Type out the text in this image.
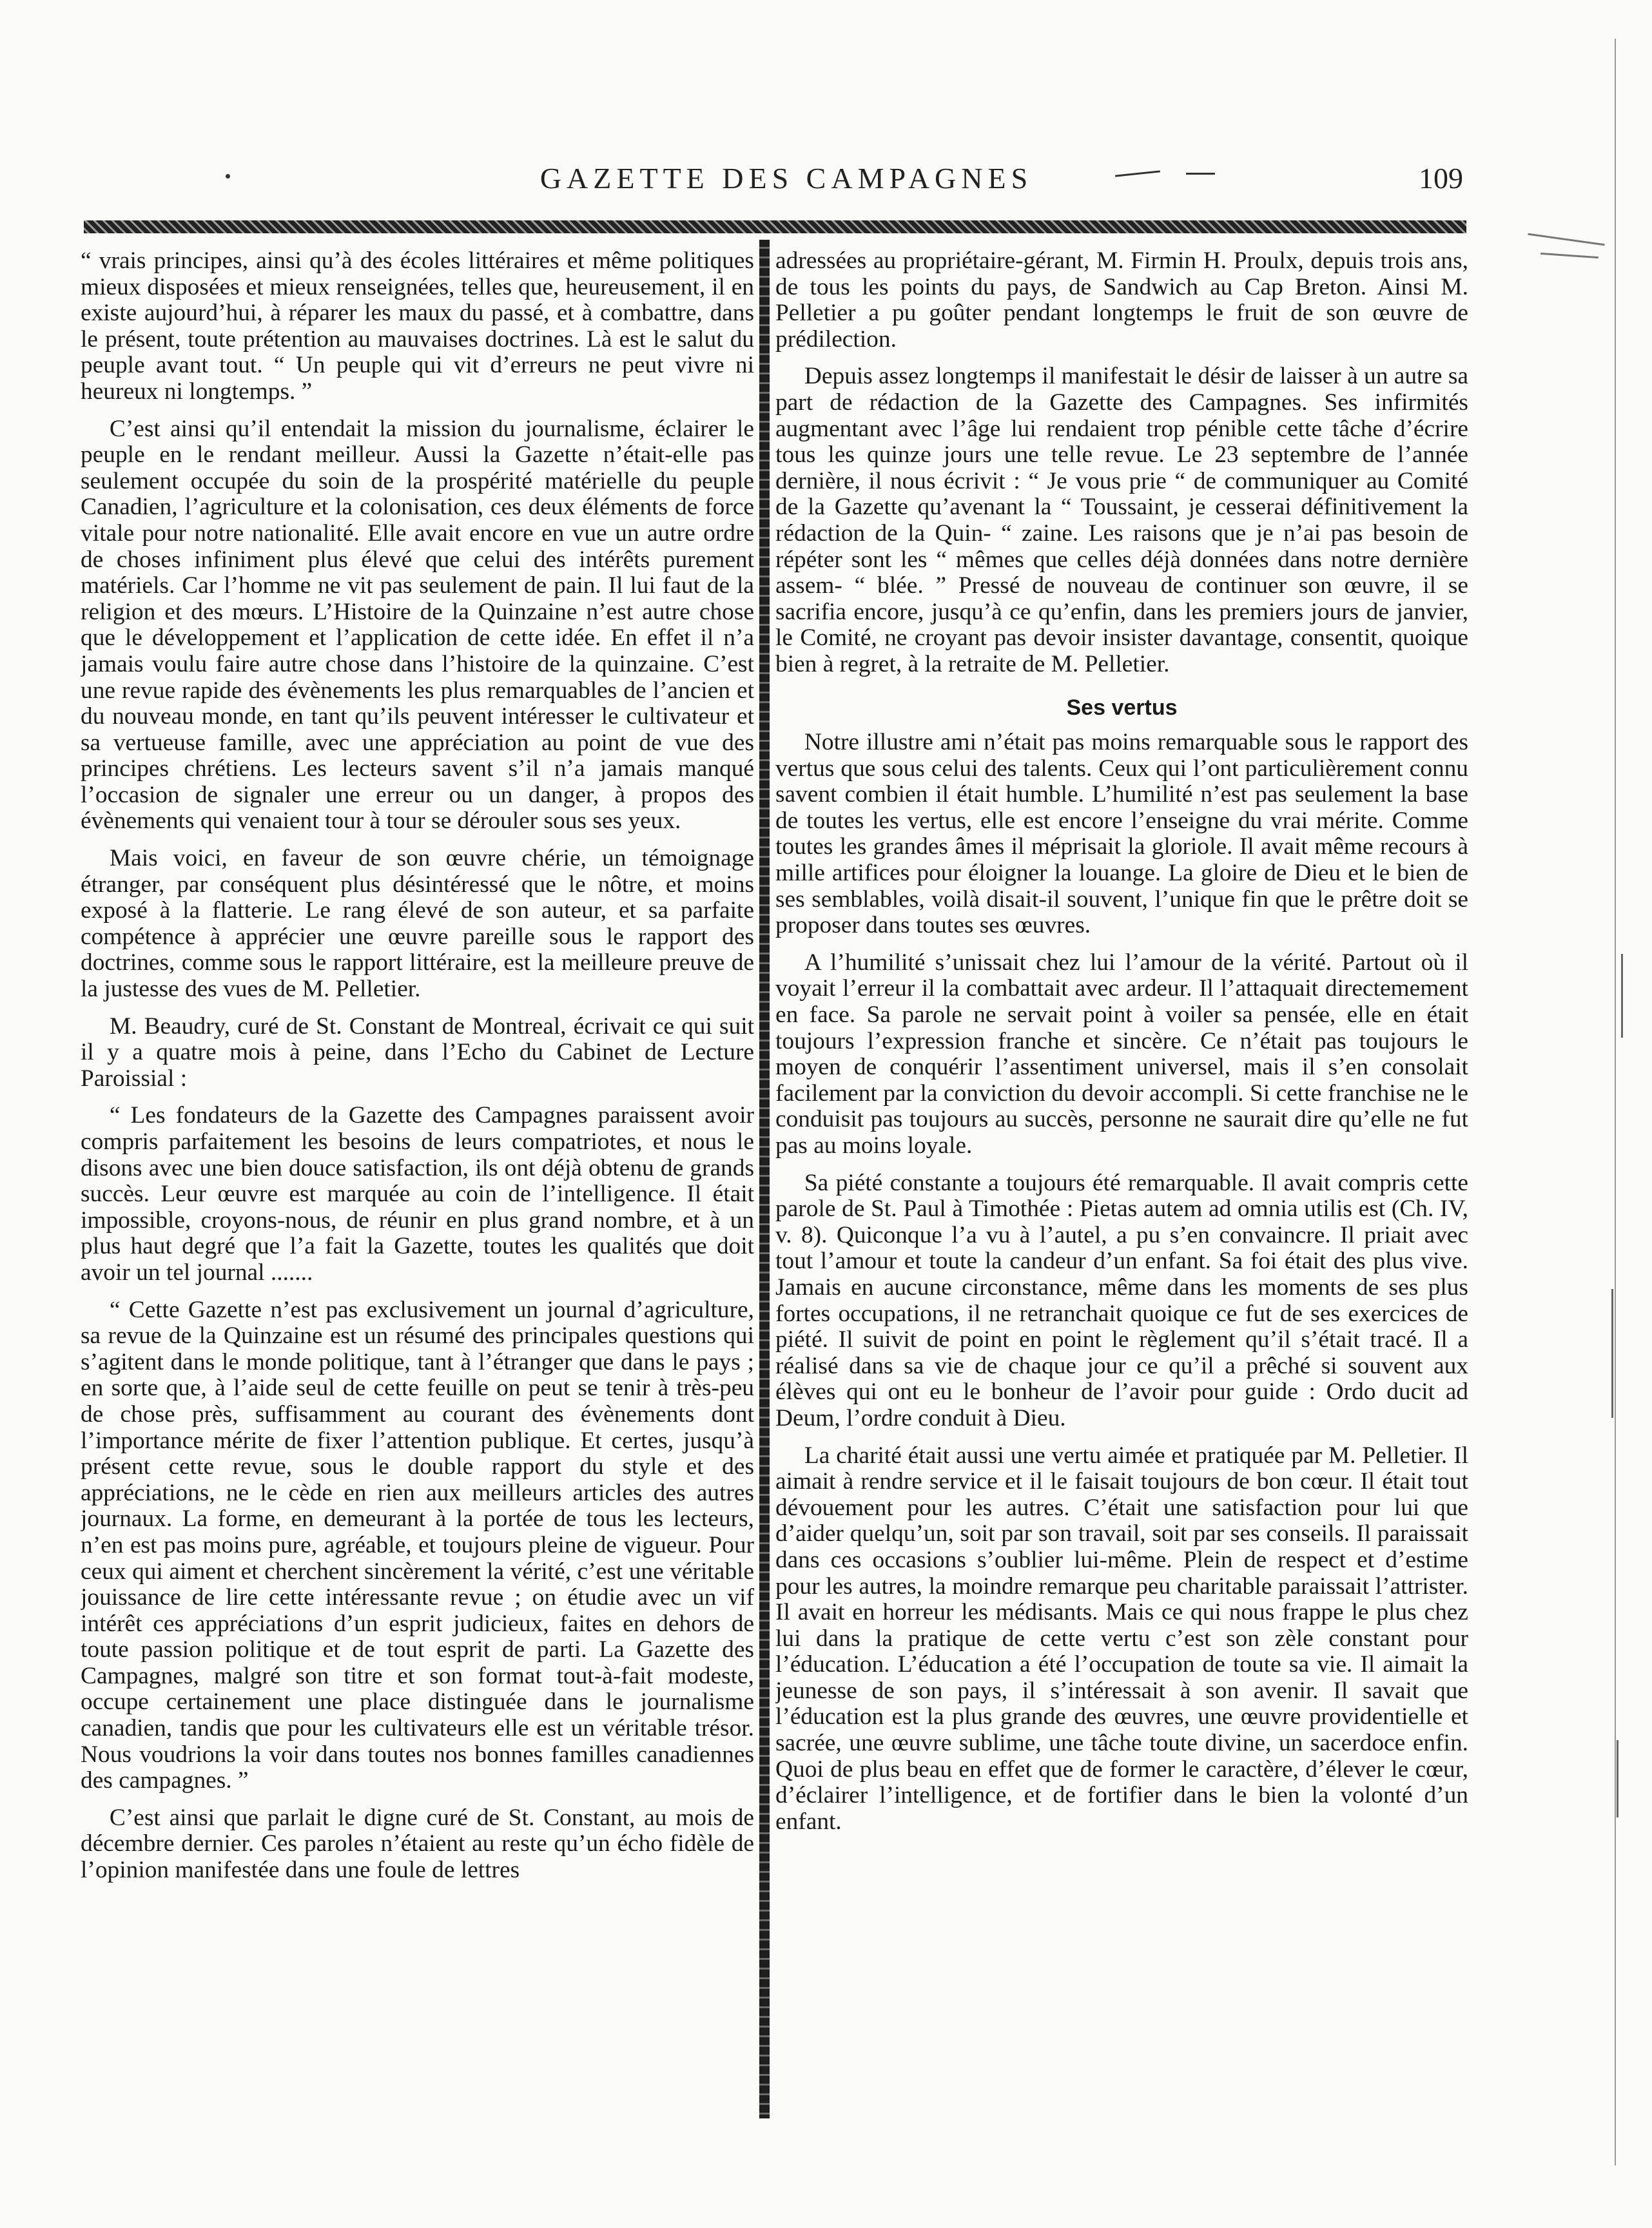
GAZETTE DES CAMPAGNES	109

“ vrais principes, ainsi qu’à des écoles littéraires et même politiques mieux disposées et mieux renseignées, telles que, heureusement, il en existe aujourd’hui, à réparer les maux du passé, et à combattre, dans le présent, toute prétention au mauvaises doctrines. Là est le salut du peuple avant tout. “ Un peuple qui vit d’erreurs ne peut vivre ni heureux ni longtemps. ”

C’est ainsi qu’il entendait la mission du journalisme, éclairer le peuple en le rendant meilleur. Aussi la Gazette n’était-elle pas seulement occupée du soin de la prospérité matérielle du peuple Canadien, l’agriculture et la colonisation, ces deux éléments de force vitale pour notre nationalité. Elle avait encore en vue un autre ordre de choses infiniment plus élevé que celui des intérêts purement matériels. Car l’homme ne vit pas seulement de pain. Il lui faut de la religion et des mœurs. L’Histoire de la Quinzaine n’est autre chose que le développement et l’application de cette idée. En effet il n’a jamais voulu faire autre chose dans l’histoire de la quinzaine. C’est une revue rapide des évènements les plus remarquables de l’ancien et du nouveau monde, en tant qu’ils peuvent intéresser le cultivateur et sa vertueuse famille, avec une appréciation au point de vue des principes chrétiens. Les lecteurs savent s’il n’a jamais manqué l’occasion de signaler une erreur ou un danger, à propos des évènements qui venaient tour à tour se dérouler sous ses yeux.

Mais voici, en faveur de son œuvre chérie, un témoignage étranger, par conséquent plus désintéressé que le nôtre, et moins exposé à la flatterie. Le rang élevé de son auteur, et sa parfaite compétence à apprécier une œuvre pareille sous le rapport des doctrines, comme sous le rapport littéraire, est la meilleure preuve de la justesse des vues de M. Pelletier.

M. Beaudry, curé de St. Constant de Montreal, écrivait ce qui suit il y a quatre mois à peine, dans l’Echo du Cabinet de Lecture Paroissial :

“ Les fondateurs de la Gazette des Campagnes paraissent avoir compris parfaitement les besoins de leurs compatriotes, et nous le disons avec une bien douce satisfaction, ils ont déjà obtenu de grands succès. Leur œuvre est marquée au coin de l’intelligence. Il était impossible, croyons-nous, de réunir en plus grand nombre, et à un plus haut degré que l’a fait la Gazette, toutes les qualités que doit avoir un tel journal .......

“ Cette Gazette n’est pas exclusivement un journal d’agriculture, sa revue de la Quinzaine est un résumé des principales questions qui s’agitent dans le monde politique, tant à l’étranger que dans le pays ; en sorte que, à l’aide seul de cette feuille on peut se tenir à très-peu de chose près, suffisamment au courant des évènements dont l’importance mérite de fixer l’attention publique. Et certes, jusqu’à présent cette revue, sous le double rapport du style et des appréciations, ne le cède en rien aux meilleurs articles des autres journaux. La forme, en demeurant à la portée de tous les lecteurs, n’en est pas moins pure, agréable, et toujours pleine de vigueur. Pour ceux qui aiment et cherchent sincèrement la vérité, c’est une véritable jouissance de lire cette intéressante revue ; on étudie avec un vif intérêt ces appréciations d’un esprit judicieux, faites en dehors de toute passion politique et de tout esprit de parti. La Gazette des Campagnes, malgré son titre et son format tout-à-fait modeste, occupe certainement une place distinguée dans le journalisme canadien, tandis que pour les cultivateurs elle est un véritable trésor. Nous voudrions la voir dans toutes nos bonnes familles canadiennes des campagnes. ”

C’est ainsi que parlait le digne curé de St. Constant, au mois de décembre dernier. Ces paroles n’étaient au reste qu’un écho fidèle de l’opinion manifestée dans une foule de lettres

adressées au propriétaire-gérant, M. Firmin H. Proulx, depuis trois ans, de tous les points du pays, de Sandwich au Cap Breton. Ainsi M. Pelletier a pu goûter pendant longtemps le fruit de son œuvre de prédilection.

Depuis assez longtemps il manifestait le désir de laisser à un autre sa part de rédaction de la Gazette des Campagnes. Ses infirmités augmentant avec l’âge lui rendaient trop pénible cette tâche d’écrire tous les quinze jours une telle revue. Le 23 septembre de l’année dernière, il nous écrivit : “ Je vous prie “ de communiquer au Comité de la Gazette qu’avenant la “ Toussaint, je cesserai définitivement la rédaction de la Quin- “ zaine. Les raisons que je n’ai pas besoin de répéter sont les “ mêmes que celles déjà données dans notre dernière assem- “ blée. ” Pressé de nouveau de continuer son œuvre, il se sacrifia encore, jusqu’à ce qu’enfin, dans les premiers jours de janvier, le Comité, ne croyant pas devoir insister davantage, consentit, quoique bien à regret, à la retraite de M. Pelletier.

Ses vertus

Notre illustre ami n’était pas moins remarquable sous le rapport des vertus que sous celui des talents. Ceux qui l’ont particulièrement connu savent combien il était humble. L’humilité n’est pas seulement la base de toutes les vertus, elle est encore l’enseigne du vrai mérite. Comme toutes les grandes âmes il méprisait la gloriole. Il avait même recours à mille artifices pour éloigner la louange. La gloire de Dieu et le bien de ses semblables, voilà disait-il souvent, l’unique fin que le prêtre doit se proposer dans toutes ses œuvres.

A l’humilité s’unissait chez lui l’amour de la vérité. Partout où il voyait l’erreur il la combattait avec ardeur. Il l’attaquait directemement en face. Sa parole ne servait point à voiler sa pensée, elle en était toujours l’expression franche et sincère. Ce n’était pas toujours le moyen de conquérir l’assentiment universel, mais il s’en consolait facilement par la conviction du devoir accompli. Si cette franchise ne le conduisit pas toujours au succès, personne ne saurait dire qu’elle ne fut pas au moins loyale.

Sa piété constante a toujours été remarquable. Il avait compris cette parole de St. Paul à Timothée : Pietas autem ad omnia utilis est (Ch. IV, v. 8). Quiconque l’a vu à l’autel, a pu s’en convaincre. Il priait avec tout l’amour et toute la candeur d’un enfant. Sa foi était des plus vive. Jamais en aucune circonstance, même dans les moments de ses plus fortes occupations, il ne retranchait quoique ce fut de ses exercices de piété. Il suivit de point en point le règlement qu’il s’était tracé. Il a réalisé dans sa vie de chaque jour ce qu’il a prêché si souvent aux élèves qui ont eu le bonheur de l’avoir pour guide : Ordo ducit ad Deum, l’ordre conduit à Dieu.

La charité était aussi une vertu aimée et pratiquée par M. Pelletier. Il aimait à rendre service et il le faisait toujours de bon cœur. Il était tout dévouement pour les autres. C’était une satisfaction pour lui que d’aider quelqu’un, soit par son travail, soit par ses conseils. Il paraissait dans ces occasions s’oublier lui-même. Plein de respect et d’estime pour les autres, la moindre remarque peu charitable paraissait l’attrister. Il avait en horreur les médisants. Mais ce qui nous frappe le plus chez lui dans la pratique de cette vertu c’est son zèle constant pour l’éducation. L’éducation a été l’occupation de toute sa vie. Il aimait la jeunesse de son pays, il s’intéressait à son avenir. Il savait que l’éducation est la plus grande des œuvres, une œuvre providentielle et sacrée, une œuvre sublime, une tâche toute divine, un sacerdoce enfin. Quoi de plus beau en effet que de former le caractère, d’élever le cœur, d’éclairer l’intelligence, et de fortifier dans le bien la volonté d’un enfant.
